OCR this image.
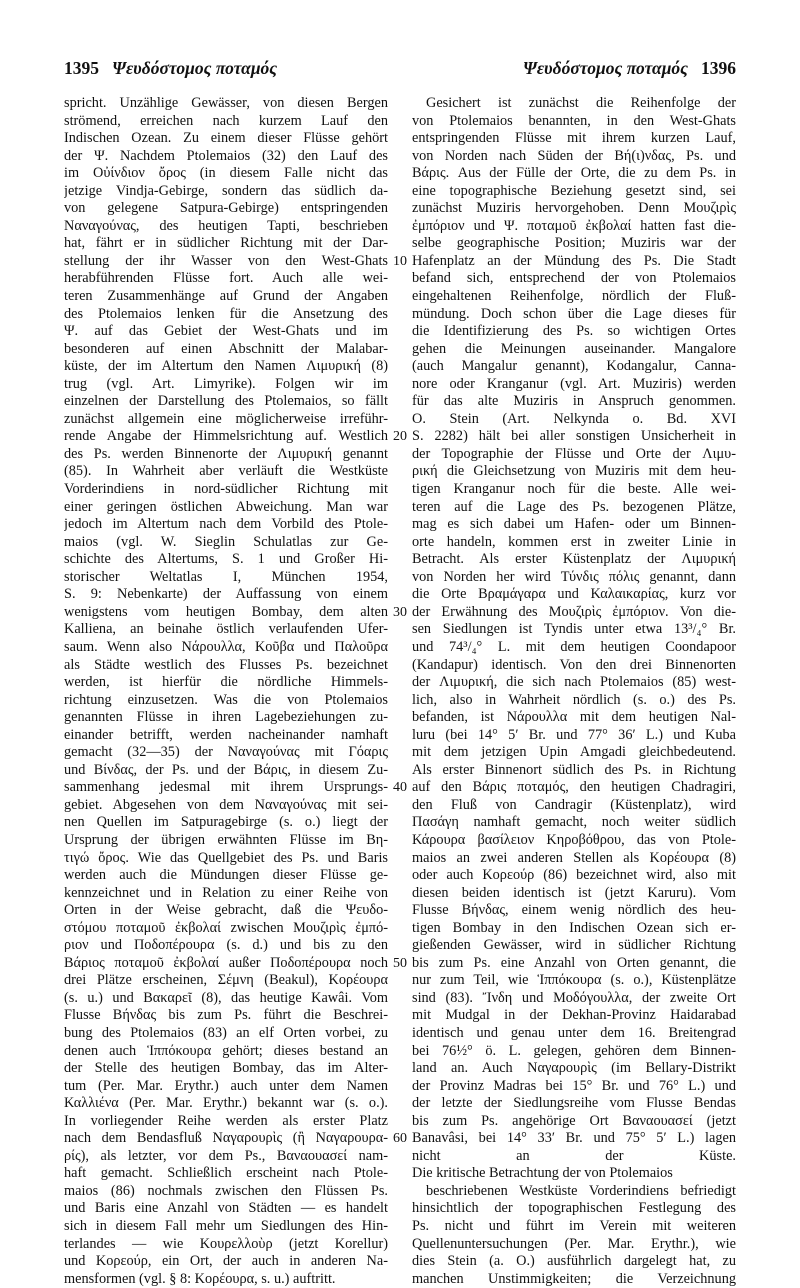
1395 Ψευδόστομος ποταμός	Ψευδόστομος ποταμός 1396
spricht. Unzählige Gewässer, von diesen Bergen
strömend, erreichen nach kurzem Lauf den
Indischen Ozean. Zu einem dieser Flüsse gehört
der Ψ. Nachdem Ptolemaios (32) den Lauf des
im Οὐίνδιον ὄρος (in diesem Falle nicht das
jetzige Vindja-Gebirge, sondern das südlich da-
von gelegene Satpura-Gebirge) entspringenden
Ναναγούνας, des heutigen Tapti, beschrieben
hat, fährt er in südlicher Richtung mit der Dar-
stellung der ihr Wasser von den West-Ghats
herabführenden Flüsse fort. Auch alle wei-
teren Zusammenhänge auf Grund der Angaben
des Ptolemaios lenken für die Ansetzung des
Ψ. auf das Gebiet der West-Ghats und im
besonderen auf einen Abschnitt der Malabar-
küste, der im Altertum den Namen Λιμυρική (8)
trug (vgl. Art. Limyrike). Folgen wir im
einzelnen der Darstellung des Ptolemaios, so fällt
zunächst allgemein eine möglicherweise irreführ-
rende Angabe der Himmelsrichtung auf. Westlich
des Ps. werden Binnenorte der Λιμυρική genannt
(85). In Wahrheit aber verläuft die Westküste
Vorderindiens in nord-südlicher Richtung mit
einer geringen östlichen Abweichung. Man war
jedoch im Altertum nach dem Vorbild des Ptole-
maios (vgl. W. Sieglin Schulatlas zur Ge-
schichte des Altertums, S. 1 und Großer Hi-
storischer Weltatlas I, München 1954,
S. 9: Nebenkarte) der Auffassung von einem
wenigstens vom heutigen Bombay, dem alten
Kalliena, an beinahe östlich verlaufenden Ufer-
saum. Wenn also Νάρουλλα, Κοῦβα und Παλοῦρα
als Städte westlich des Flusses Ps. bezeichnet
werden, ist hierfür die nördliche Himmels-
richtung einzusetzen. Was die von Ptolemaios
genannten Flüsse in ihren Lagebeziehungen zu-
einander betrifft, werden nacheinander namhaft
gemacht (32—35) der Ναναγούνας mit Γόαρις
und Βίνδας, der Ps. und der Βάρις, in diesem Zu-
sammenhang jedesmal mit ihrem Ursprungs-
gebiet. Abgesehen von dem Ναναγούνας mit sei-
nen Quellen im Satpuragebirge (s. o.) liegt der
Ursprung der übrigen erwähnten Flüsse im Βη-
τιγώ ὄρος. Wie das Quellgebiet des Ps. und Baris
werden auch die Mündungen dieser Flüsse ge-
kennzeichnet und in Relation zu einer Reihe von
Orten in der Weise gebracht, daß die Ψευδο-
στόμου ποταμοῦ ἐκβολαί zwischen Μουζιρὶς ἐμπό-
ριον und Ποδοπέρουρα (s. d.) und bis zu den
Βάριος ποταμοῦ ἐκβολαί außer Ποδοπέρουρα noch
drei Plätze erscheinen, Σέμνη (Beakul), Κορέουρα
(s. u.) und Βακαρεῖ (8), das heutige Kawâi. Vom
Flusse Βήνδας bis zum Ps. führt die Beschrei-
bung des Ptolemaios (83) an elf Orten vorbei, zu
denen auch Ἱππόκουρα gehört; dieses bestand an
der Stelle des heutigen Bombay, das im Alter-
tum (Per. Mar. Erythr.) auch unter dem Namen
Καλλιένα (Per. Mar. Erythr.) bekannt war (s. o.).
In vorliegender Reihe werden als erster Platz
nach dem Bendasfluß Ναγαρουρὶς (ἢ Ναγαρουρα-
ρίς), als letzter, vor dem Ps., Βαναουασεί nam-
haft gemacht. Schließlich erscheint nach Ptole-
maios (86) nochmals zwischen den Flüssen Ps.
und Baris eine Anzahl von Städten — es handelt
sich in diesem Fall mehr um Siedlungen des Hin-
terlandes — wie Κουρελλοὺρ (jetzt Korellur)
und Κορεούρ, ein Ort, der auch in anderen Na-
mensformen (vgl. § 8: Κορέουρα, s. u.) auftritt.
10
20
30
40
50
60
Gesichert ist zunächst die Reihenfolge der
von Ptolemaios benannten, in den West-Ghats
entspringenden Flüsse mit ihrem kurzen Lauf,
von Norden nach Süden der Βή(ι)νδας, Ps. und
Βάρις. Aus der Fülle der Orte, die zu dem Ps. in
eine topographische Beziehung gesetzt sind, sei
zunächst Muziris hervorgehoben. Denn Μουζιρὶς
ἐμπόριον und Ψ. ποταμοῦ ἐκβολαί hatten fast die-
selbe geographische Position; Muziris war der
Hafenplatz an der Mündung des Ps. Die Stadt
befand sich, entsprechend der von Ptolemaios
eingehaltenen Reihenfolge, nördlich der Fluß-
mündung. Doch schon über die Lage dieses für
die Identifizierung des Ps. so wichtigen Ortes
gehen die Meinungen auseinander. Mangalore
(auch Mangalur genannt), Kodangalur, Canna-
nore oder Kranganur (vgl. Art. Muziris) werden
für das alte Muziris in Anspruch genommen.
O. Stein (Art. Nelkynda o. Bd. XVI
S. 2282) hält bei aller sonstigen Unsicherheit in
der Topographie der Flüsse und Orte der Λιμυ-
ρική die Gleichsetzung von Muziris mit dem heu-
tigen Kranganur noch für die beste. Alle wei-
teren auf die Lage des Ps. bezogenen Plätze,
mag es sich dabei um Hafen- oder um Binnen-
orte handeln, kommen erst in zweiter Linie in
Betracht. Als erster Küstenplatz der Λιμυρική
von Norden her wird Τύνδις πόλις genannt, dann
die Orte Βραμάγαρα und Καλαικαρίας, kurz vor
der Erwähnung des Μουζιρὶς ἐμπόριον. Von die-
sen Siedlungen ist Tyndis unter etwa 13³/₄° Br.
und 74³/₄° L. mit dem heutigen Coondapoor
(Kandapur) identisch. Von den drei Binnenorten
der Λιμυρική, die sich nach Ptolemaios (85) west-
lich, also in Wahrheit nördlich (s. o.) des Ps.
befanden, ist Νάρουλλα mit dem heutigen Nal-
luru (bei 14° 5′ Br. und 77° 36′ L.) und Kuba
mit dem jetzigen Upin Amgadi gleichbedeutend.
Als erster Binnenort südlich des Ps. in Richtung
auf den Βάρις ποταμός, den heutigen Chadragiri,
den Fluß von Candragir (Küstenplatz), wird
Πασάγη namhaft gemacht, noch weiter südlich
Κάρουρα βασίλειον Κηροβόθρου, das von Ptole-
maios an zwei anderen Stellen als Κορέουρα (8)
oder auch Κορεούρ (86) bezeichnet wird, also mit
diesen beiden identisch ist (jetzt Karuru). Vom
Flusse Βήνδας, einem wenig nördlich des heu-
tigen Bombay in den Indischen Ozean sich er-
gießenden Gewässer, wird in südlicher Richtung
bis zum Ps. eine Anzahl von Orten genannt, die
nur zum Teil, wie Ἱππόκουρα (s. o.), Küstenplätze
sind (83). Ἴνδη und Μοδόγουλλα, der zweite Ort
mit Mudgal in der Dekhan-Provinz Haidarabad
identisch und genau unter dem 16. Breitengrad
bei 76½° ö. L. gelegen, gehören dem Binnen-
land an. Auch Ναγαρουρὶς (im Bellary-Distrikt
der Provinz Madras bei 15° Br. und 76° L.) und
der letzte der Siedlungsreihe vom Flusse Bendas
bis zum Ps. angehörige Ort Βαναουασεί (jetzt
Banavâsi, bei 14° 33′ Br. und 75° 5′ L.) lagen
nicht an der Küste.
Die kritische Betrachtung der von Ptolemaios
beschriebenen Westküste Vorderindiens befriedigt
hinsichtlich der topographischen Festlegung des
Ps. nicht und führt im Verein mit weiteren
Quellenuntersuchungen (Per. Mar. Erythr.), wie
dies Stein (a. O.) ausführlich dargelegt hat, zu
manchen Unstimmigkeiten; die Verzeichnung
